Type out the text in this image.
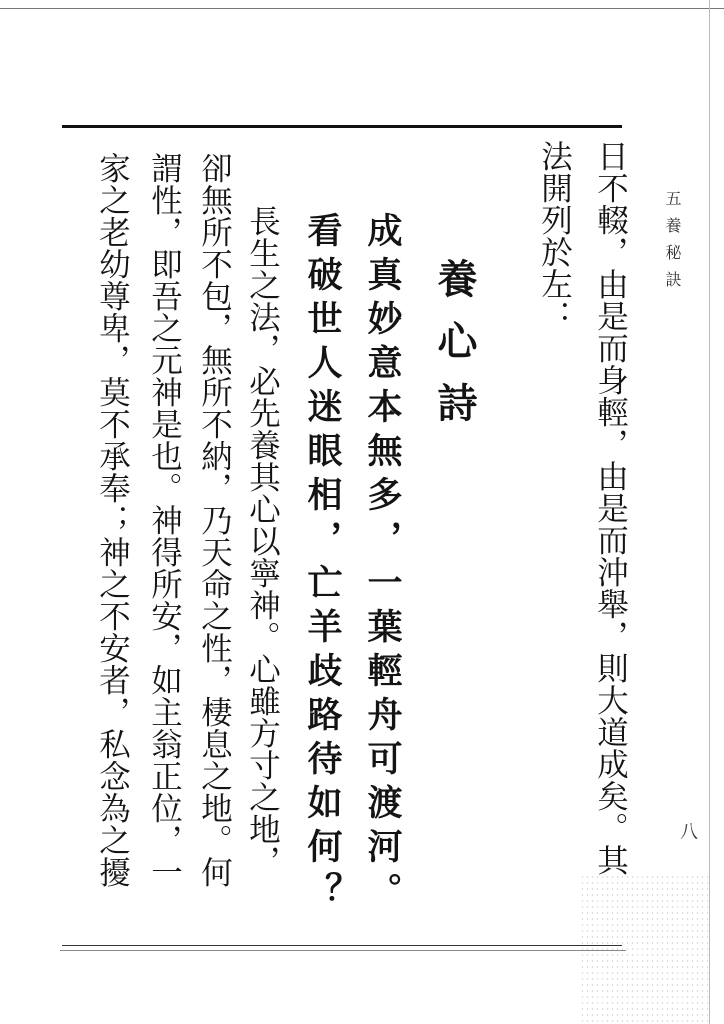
五養秘訣
八
日不輟，由是而身輕，由是而沖舉，則大道成矣。其
法開列於左：
養心詩
成真妙意本無多，一葉輕舟可渡河。
看破世人迷眼相，亡羊歧路待如何？
長生之法，必先養其心以寧神。心雖方寸之地，
卻無所不包，無所不納，乃天命之性，棲息之地。何
謂性，即吾之元神是也。神得所安，如主翁正位，一
家之老幼尊卑，莫不承奉；神之不安者，私念為之擾
